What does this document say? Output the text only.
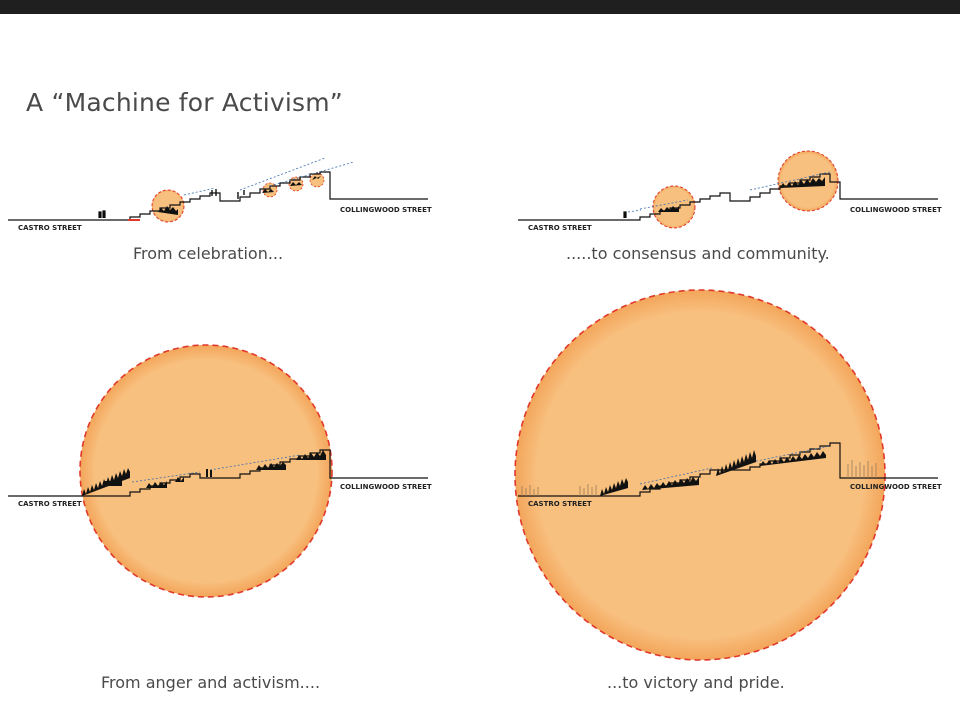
A “Machine for Activism”
CASTRO STREET
COLLINGWOOD STREET
CASTRO STREET
COLLINGWOOD STREET
CASTRO STREET
COLLINGWOOD STREET
CASTRO STREET
COLLINGWOOD STREET
From celebration...	.....to consensus and community.
From anger and activism....	...to victory and pride.
